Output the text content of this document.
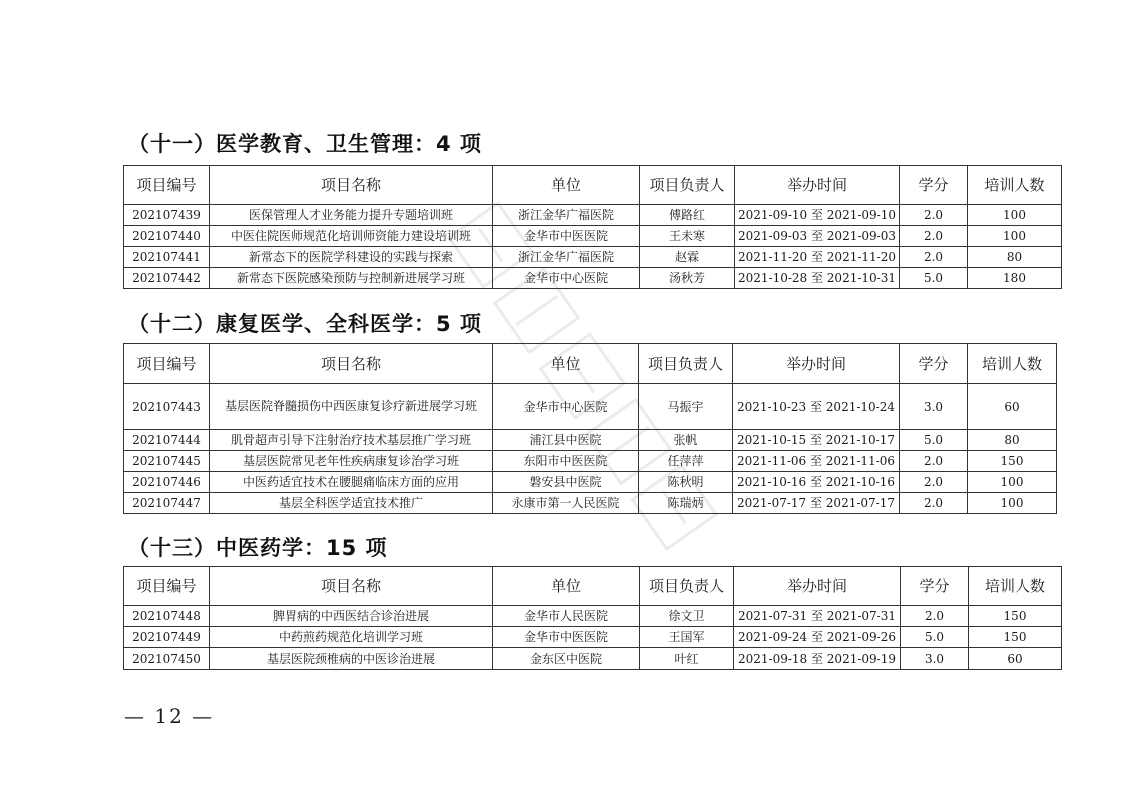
（十一）医学教育、卫生管理：4 项
项目编号	项目名称	单位	项目负责人	举办时间	学分	培训人数
202107439	医保管理人才业务能力提升专题培训班	浙江金华广福医院	傅路红	2021-09-10 至 2021-09-10	2.0	100
202107440	中医住院医师规范化培训师资能力建设培训班	金华市中医医院	王未寒	2021-09-03 至 2021-09-03	2.0	100
202107441	新常态下的医院学科建设的实践与探索	浙江金华广福医院	赵霖	2021-11-20 至 2021-11-20	2.0	80
202107442	新常态下医院感染预防与控制新进展学习班	金华市中心医院	汤秋芳	2021-10-28 至 2021-10-31	5.0	180
（十二）康复医学、全科医学：5 项
项目编号	项目名称	单位	项目负责人	举办时间	学分	培训人数
202107443	基层医院脊髓损伤中西医康复诊疗新进展学习班	金华市中心医院	马振宇	2021-10-23 至 2021-10-24	3.0	60
202107444	肌骨超声引导下注射治疗技术基层推广学习班	浦江县中医院	张帆	2021-10-15 至 2021-10-17	5.0	80
202107445	基层医院常见老年性疾病康复诊治学习班	东阳市中医医院	任萍萍	2021-11-06 至 2021-11-06	2.0	150
202107446	中医药适宜技术在腰腿痛临床方面的应用	磐安县中医院	陈秋明	2021-10-16 至 2021-10-16	2.0	100
202107447	基层全科医学适宜技术推广	永康市第一人民医院	陈瑞炳	2021-07-17 至 2021-07-17	2.0	100
（十三）中医药学：15 项
项目编号	项目名称	单位	项目负责人	举办时间	学分	培训人数
202107448	脾胃病的中西医结合诊治进展	金华市人民医院	徐文卫	2021-07-31 至 2021-07-31	2.0	150
202107449	中药煎药规范化培训学习班	金华市中医医院	王国军	2021-09-24 至 2021-09-26	5.0	150
202107450	基层医院颈椎病的中医诊治进展	金东区中医院	叶红	2021-09-18 至 2021-09-19	3.0	60
— 12 —
